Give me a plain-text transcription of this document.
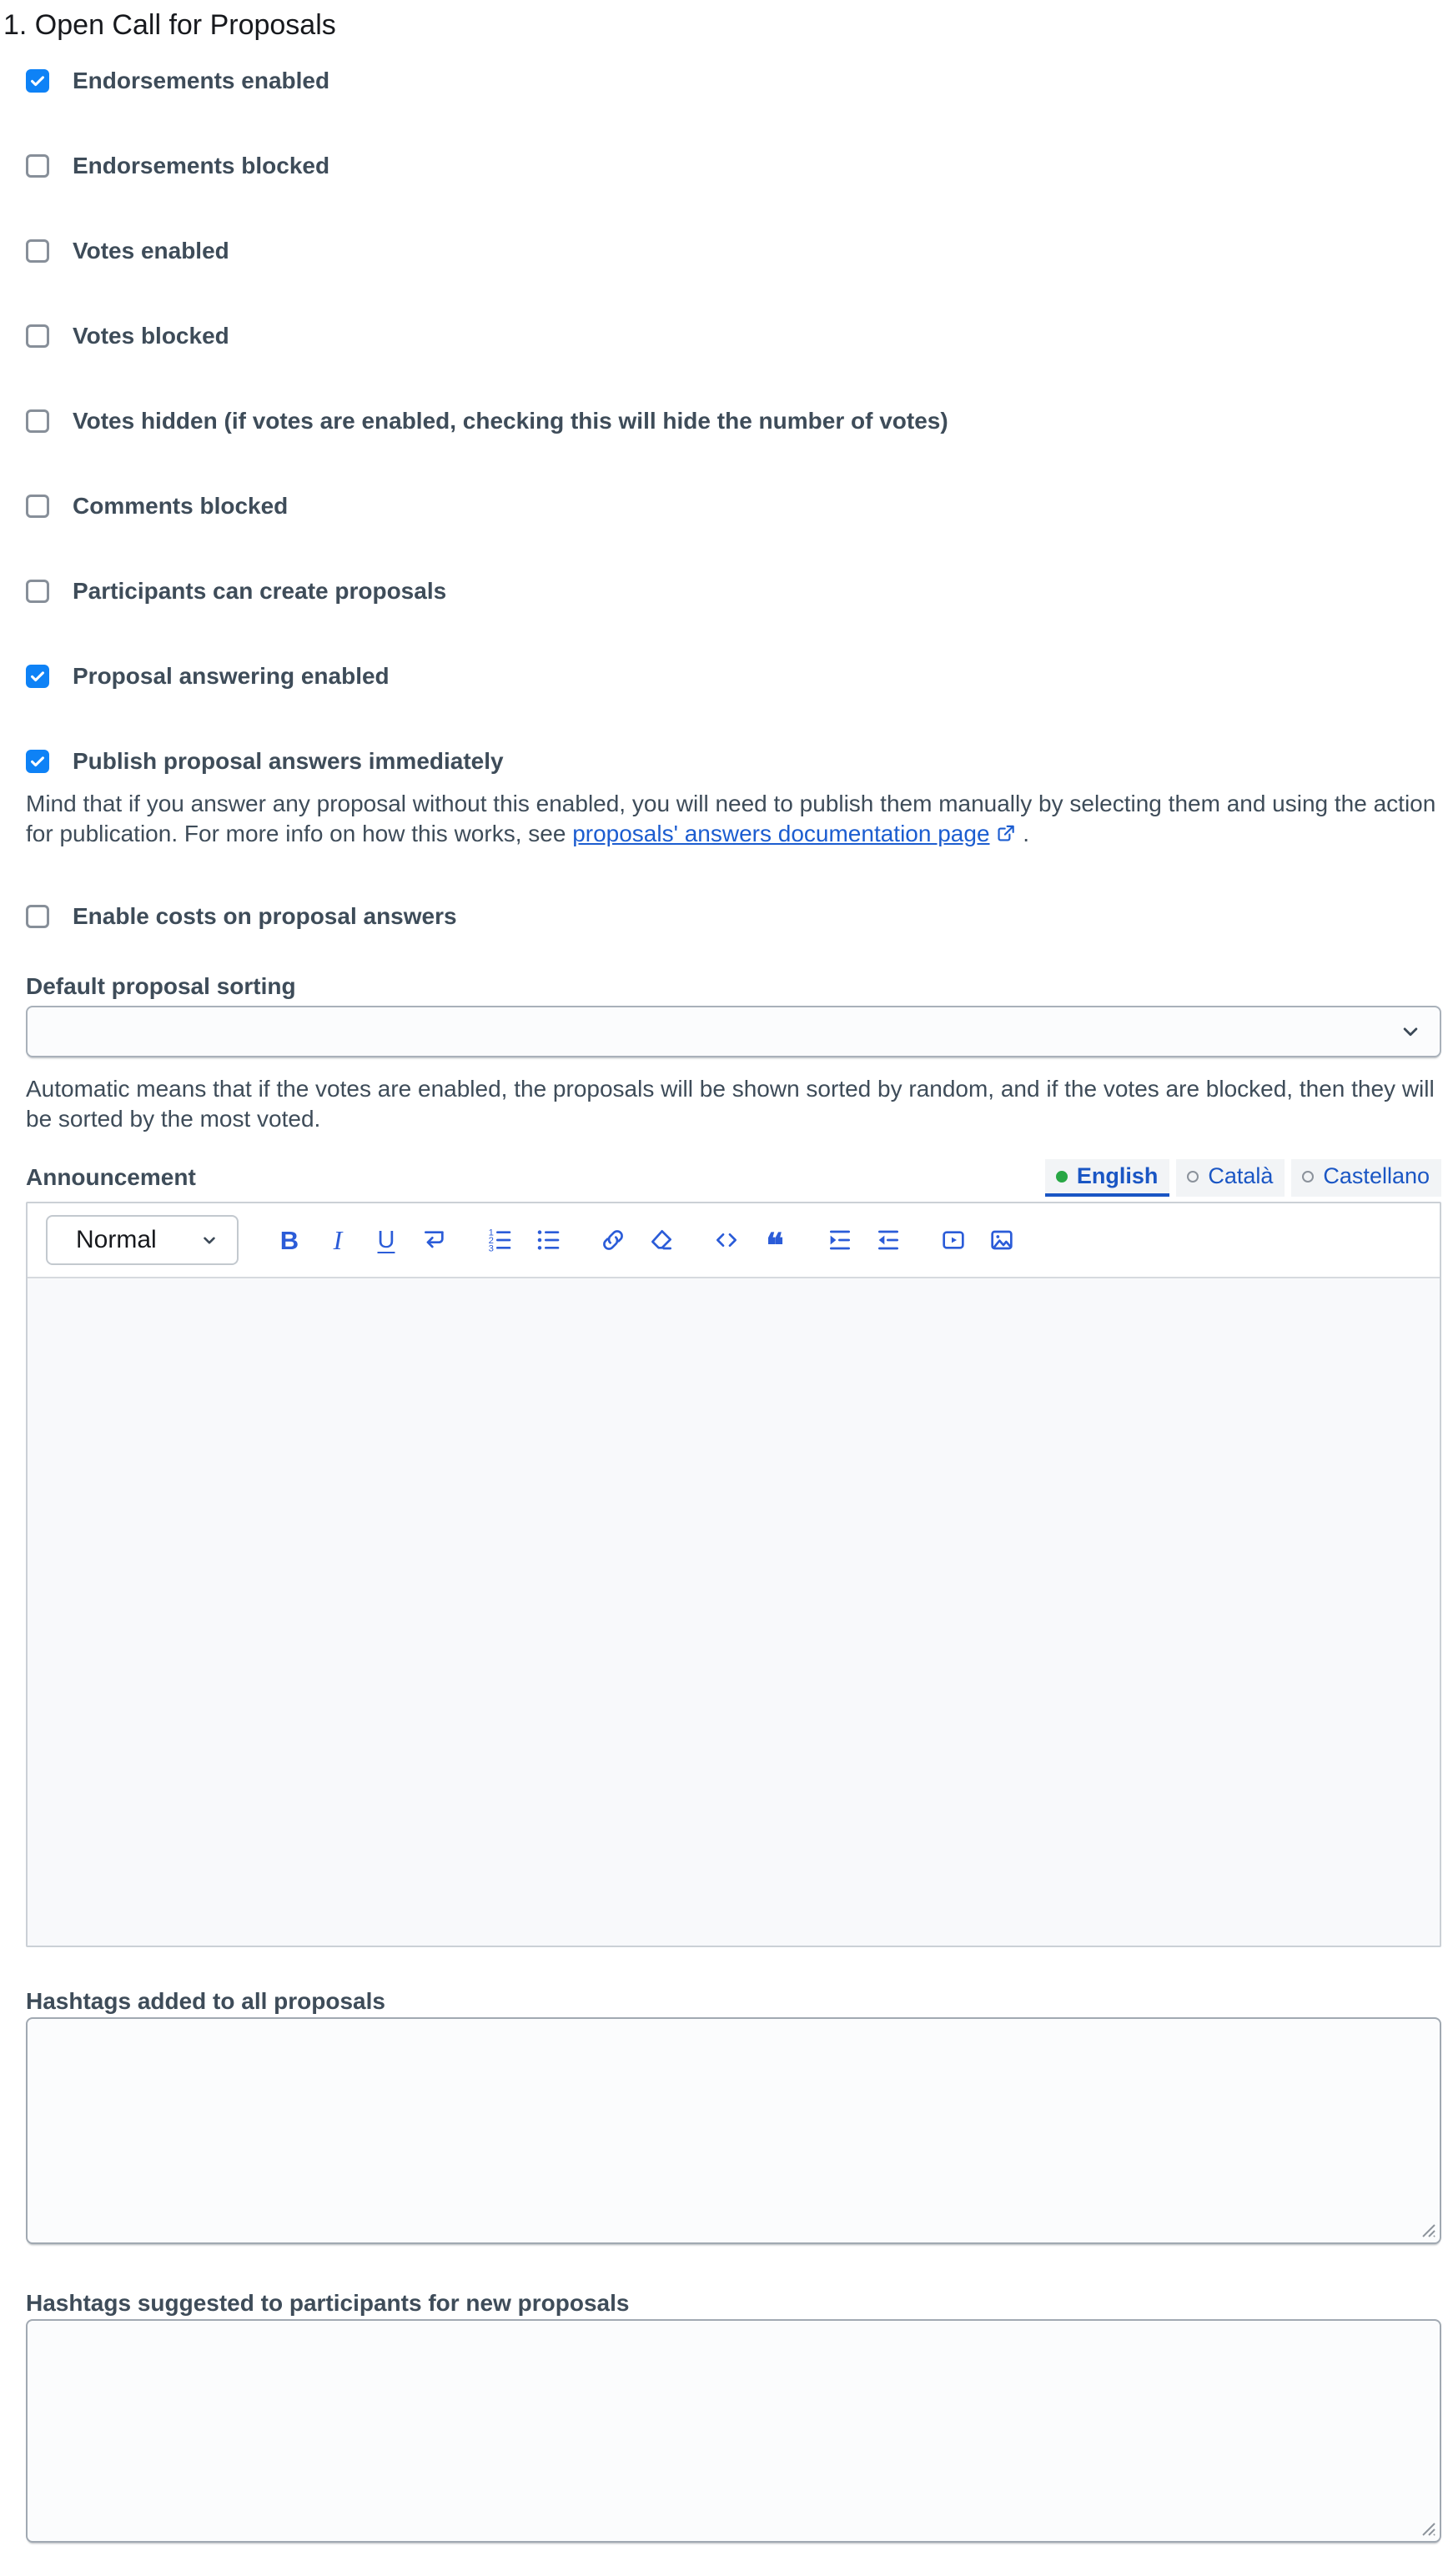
1. Open Call for Proposals
Endorsements enabled
Endorsements blocked
Votes enabled
Votes blocked
Votes hidden (if votes are enabled, checking this will hide the number of votes)
Comments blocked
Participants can create proposals
Proposal answering enabled
Publish proposal answers immediately

Mind that if you answer any proposal without this enabled, you will need to publish them manually by selecting them and using the action for publication. For more info on how this works, see proposals' answers documentation page .

Enable costs on proposal answers
Default proposal sorting

Automatic means that if the votes are enabled, the proposals will be shown sorted by random, and if the votes are blocked, then they will be sorted by the most voted.

Announcement	English Català Castellano
Normal	B I U	1
2
3	❝
Hashtags added to all proposals
Hashtags suggested to participants for new proposals
